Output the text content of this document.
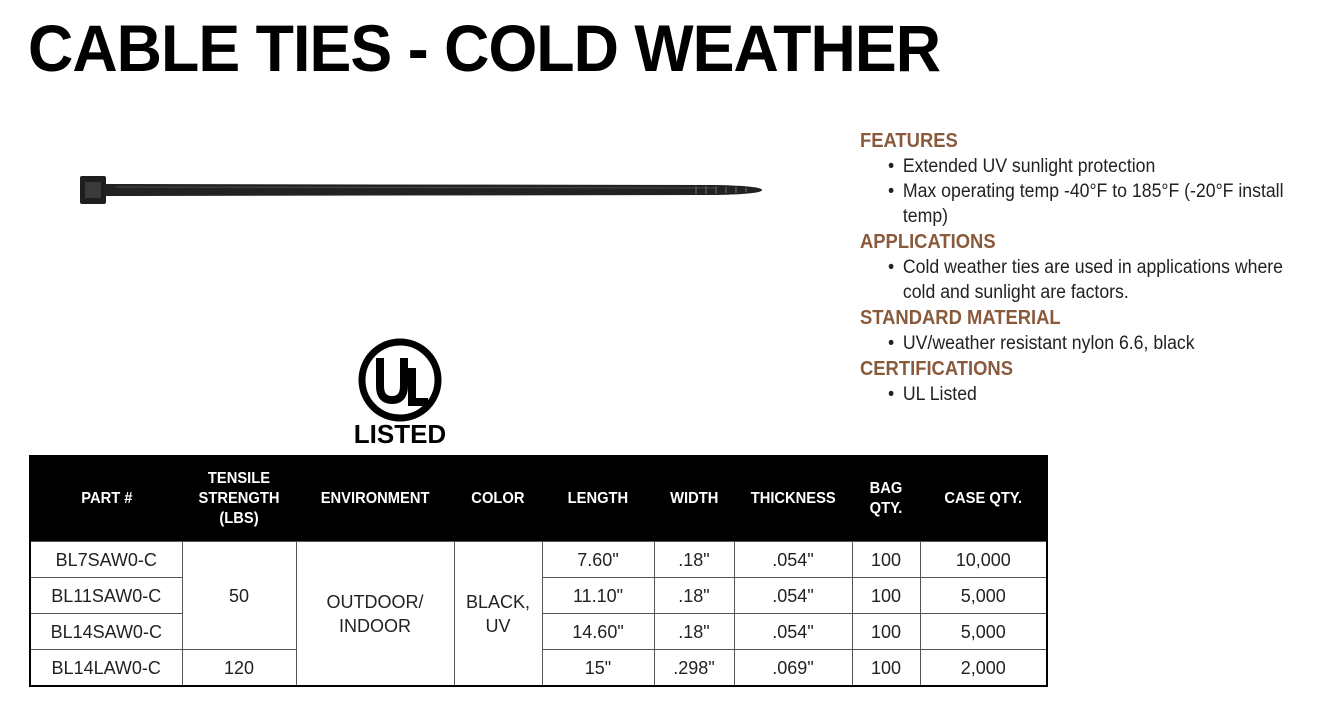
CABLE TIES - COLD WEATHER
LISTED
FEATURES
• Extended UV sunlight protection
• Max operating temp -40°F to 185°F (-20°F install temp)
APPLICATIONS
• Cold weather ties are used in applications where cold and sunlight are factors.
STANDARD MATERIAL
• UV/weather resistant nylon 6.6, black
CERTIFICATIONS
• UL Listed
PART #	TENSILE STRENGTH (LBS)	ENVIRONMENT	COLOR	LENGTH	WIDTH	THICKNESS	BAG QTY.	CASE QTY.
BL7SAW0-C	50	OUTDOOR/ INDOOR	BLACK, UV	7.60"	.18"	.054"	100	10,000
BL11SAW0-C				11.10"	.18"	.054"	100	5,000
BL14SAW0-C				14.60"	.18"	.054"	100	5,000
BL14LAW0-C	120			15"	.298"	.069"	100	2,000
